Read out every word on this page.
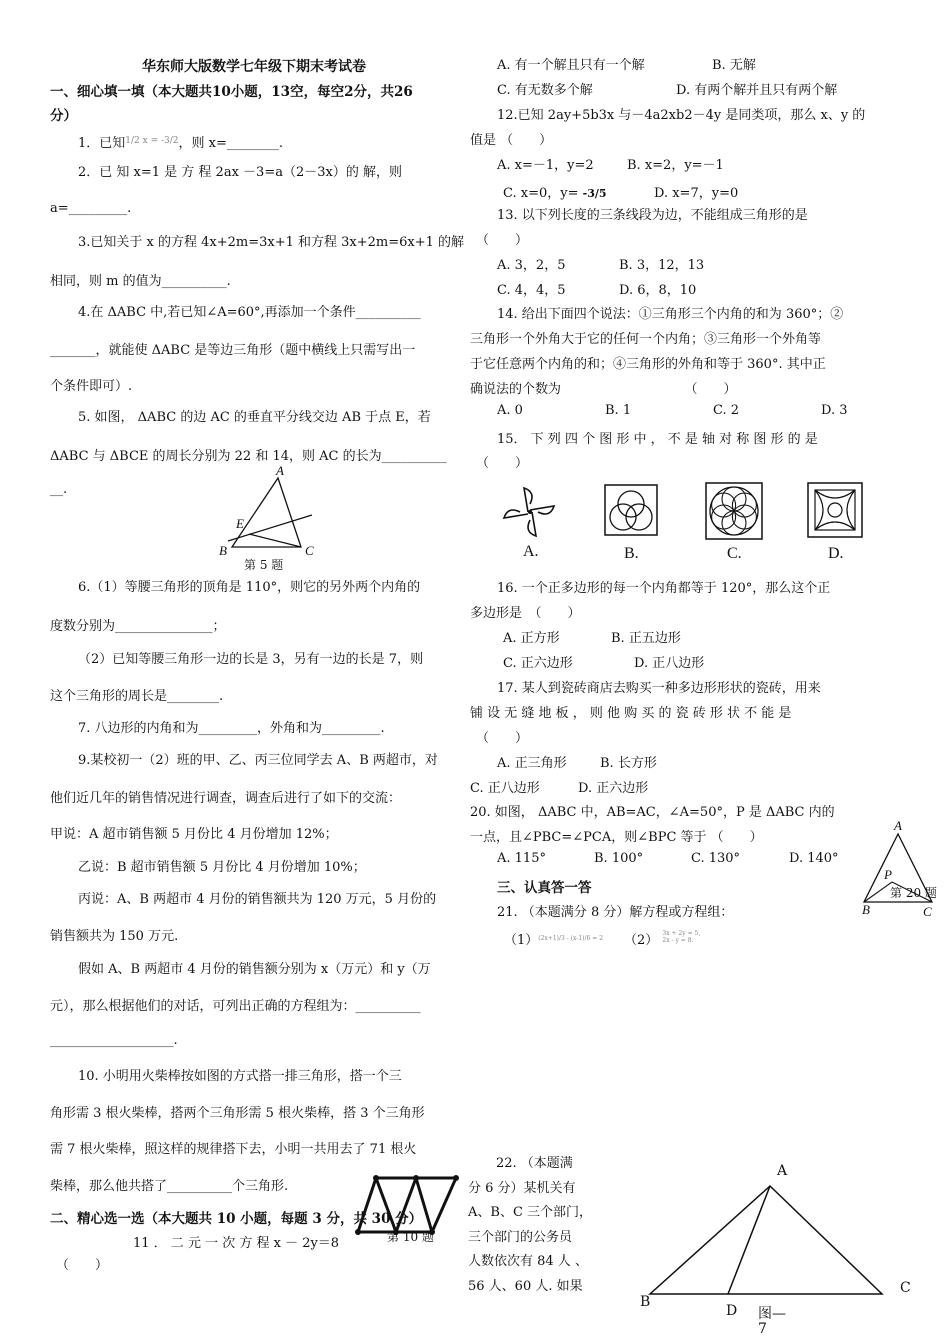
华东师大版数学七年级下期末考试卷
一、细心填一填（本大题共10小题，13空，每空2分，共26
分）
1．已知$^{1/2 x = -3/2}$，则 x=________.
2．已 知 x=1 是 方 程 2ax －3=a（2－3x）的 解，则
a=_________.
3.已知关于 x 的方程 4x+2m=3x+1 和方程 3x+2m=6x+1 的解
相同，则 m 的值为__________.
4.在 ΔABC 中,若已知∠A=60°,再添加一个条件__________
_______，就能使 ΔABC 是等边三角形（题中横线上只需写出一
个条件即可）.
5. 如图， ΔABC 的边 AC 的垂直平分线交边 AB 于点 E，若
ΔABC 与 ΔBCE 的周长分别为 22 和 14，则 AC 的长为__________
__.
A
E
B	C
第 5 题
6.（1）等腰三角形的顶角是 110°，则它的另外两个内角的
度数分别为_______________；
（2）已知等腰三角形一边的长是 3，另有一边的长是 7，则
这个三角形的周长是________.
7. 八边形的内角和为_________，外角和为_________.
9.某校初一（2）班的甲、乙、丙三位同学去 A、B 两超市，对
他们近几年的销售情况进行调查，调查后进行了如下的交流：
甲说：A 超市销售额 5 月份比 4 月份增加 12%；
乙说：B 超市销售额 5 月份比 4 月份增加 10%；
丙说：A、B 两超市 4 月份的销售额共为 120 万元，5 月份的
销售额共为 150 万元.
假如 A、B 两超市 4 月份的销售额分别为 x（万元）和 y（万
元），那么根据他们的对话，可列出正确的方程组为：__________
___________________.
10. 小明用火柴棒按如图的方式搭一排三角形，搭一个三
角形需 3 根火柴棒，搭两个三角形需 5 根火柴棒，搭 3 个三角形
需 7 根火柴棒，照这样的规律搭下去，小明一共用去了 71 根火
柴棒，那么他共搭了__________个三角形.
第 10 题
二、精心选一选（本大题共 10 小题，每题 3 分，共 30 分）
11 ． 二 元 一 次 方 程 x － 2y＝8
（　　）
A. 有一个解且只有一个解	B. 无解
C. 有无数多个解	D. 有两个解并且只有两个解
12.已知 2ay+5b3x 与－4a2xb2－4y 是同类项，那么 x、y 的
值是 （　　）
A. x=－1，y=2	B. x=2，y=－1
C. x=0，y= -3/5	D. x=7，y=0
13. 以下列长度的三条线段为边，不能组成三角形的是
（　　）
A. 3，2，5	B. 3，12，13
C. 4，4，5	D. 6，8，10
14. 给出下面四个说法：①三角形三个内角的和为 360°；②
三角形一个外角大于它的任何一个内角；③三角形一个外角等
于它任意两个内角的和；④三角形的外角和等于 360°. 其中正
确说法的个数为　　　　　　　　　　（　　）
A. 0	B. 1	C. 2	D. 3
15． 下 列 四 个 图 形 中 ， 不 是 轴 对 称 图 形 的 是
（　　）
A.	B.	C.	D.
16. 一个正多边形的每一个内角都等于 120°，那么这个正
多边形是　（　　）
A. 正方形	B. 正五边形
C. 正六边形	D. 正八边形
17. 某人到瓷砖商店去购买一种多边形形状的瓷砖，用来
铺 设 无 缝 地 板 ， 则 他 购 买 的 瓷 砖 形 状 不 能 是
（　　）
A. 正三角形	B. 长方形
C. 正八边形	D. 正六边形
20. 如图， ΔABC 中，AB=AC，∠A=50°，P 是 ΔABC 内的
一点，且∠PBC=∠PCA，则∠BPC 等于 （　　）
A. 115°	B. 100°	C. 130°	D. 140°
A
P
B	C
第 20 题
三、认真答一答
21. （本题满分 8 分）解方程或方程组：
$(1)^{(2x+1)/3 - (x-1)/6 = 2}$ （2） 3x + 2y = 5,
2x - y = 8.
22. （本题满
分 6 分）某机关有
A、B、C 三个部门，
三个部门的公务员
人数依次有 84 人 、
56 人、60 人. 如果
A
B
C
D 图—
7
